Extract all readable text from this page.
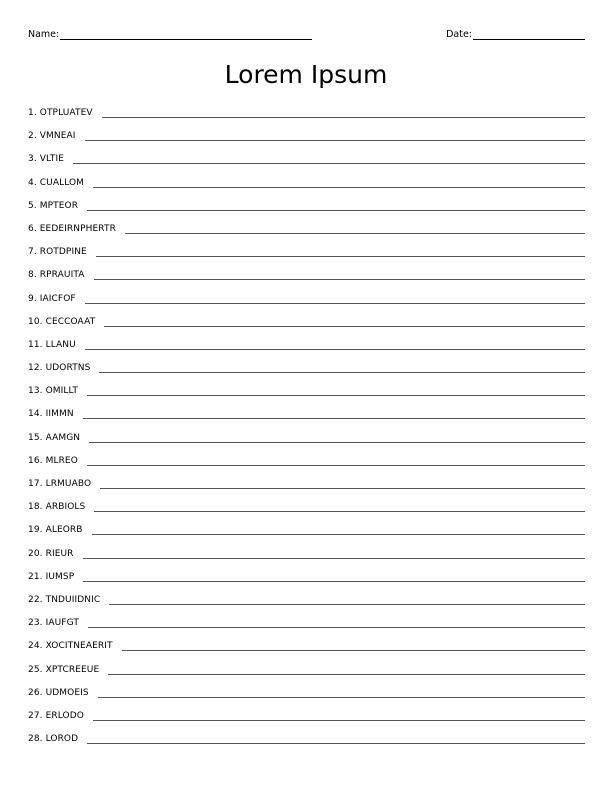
Name:	Date:
Lorem Ipsum
1.
OTPLUATEV
2.
VMNEAI
3.
VLTIE
4.
CUALLOM
5.
MPTEOR
6.
EEDEIRNPHERTR
7.
ROTDPINE
8.
RPRAUITA
9.
IAICFOF
10.
CECCOAAT
11.
LLANU
12.
UDORTNS
13.
OMILLT
14.
IIMMN
15.
AAMGN
16.
MLREO
17.
LRMUABO
18.
ARBIOLS
19.
ALEORB
20.
RIEUR
21.
IUMSP
22.
TNDUIIDNIC
23.
IAUFGT
24.
XOCITNEAERIT
25.
XPTCREEUE
26.
UDMOEIS
27.
ERLODO
28.
LOROD
